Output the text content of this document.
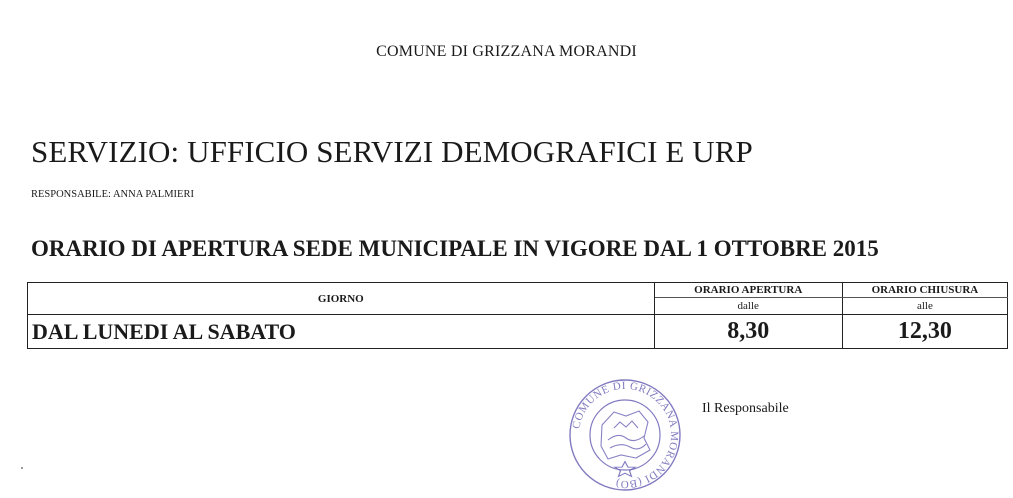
COMUNE DI GRIZZANA MORANDI
SERVIZIO: UFFICIO SERVIZI DEMOGRAFICI E URP
RESPONSABILE: ANNA PALMIERI
ORARIO DI APERTURA SEDE MUNICIPALE IN VIGORE DAL 1 OTTOBRE 2015
GIORNO	ORARIO APERTURA	ORARIO CHIUSURA
	dalle	alle
DAL LUNEDI AL SABATO	8,30	12,30
COMUNE DI GRIZZANA MORANDI (BO)
Il Responsabile
